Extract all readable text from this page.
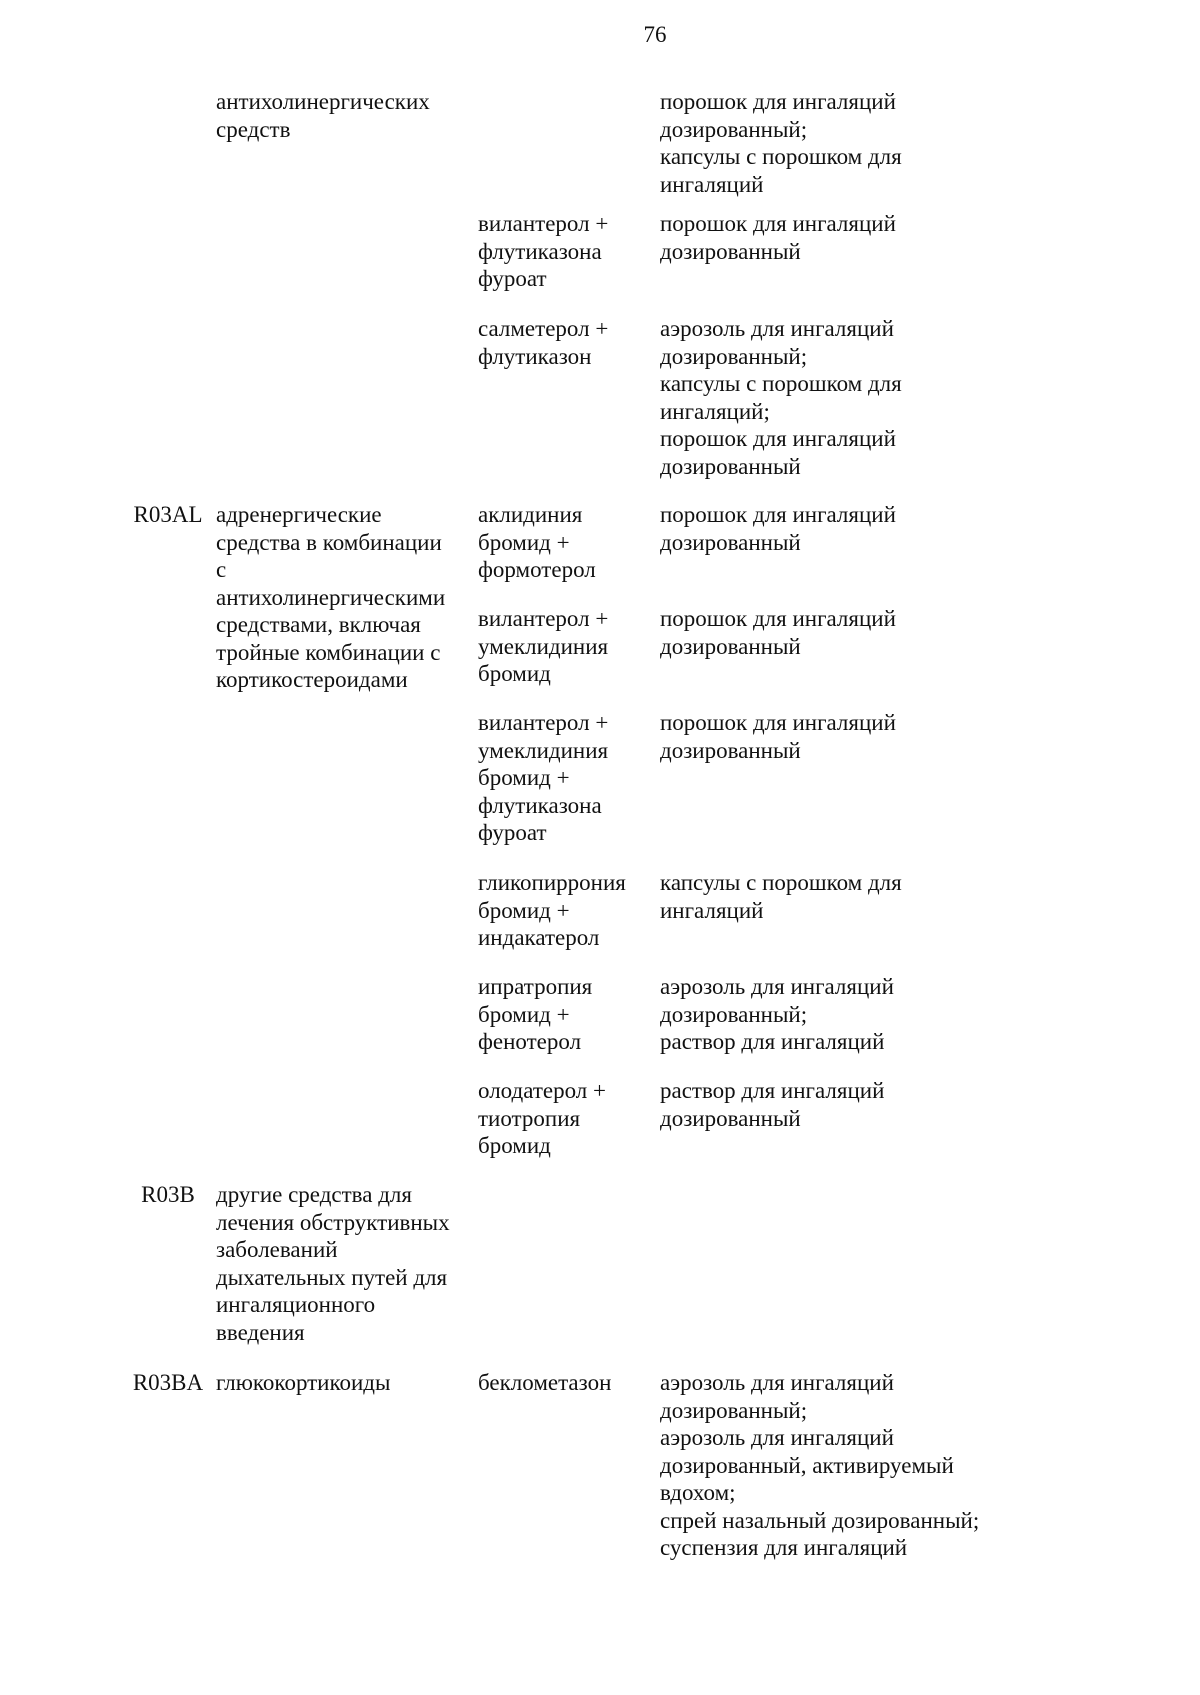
76
антихолинергических
средств
порошок для ингаляций
дозированный;
капсулы с порошком для
ингаляций
вилантерол +
флутиказона
фуроат
порошок для ингаляций
дозированный
салметерол +
флутиказон
аэрозоль для ингаляций
дозированный;
капсулы с порошком для
ингаляций;
порошок для ингаляций
дозированный
R03AL адренергические
средства в комбинации
с
антихолинергическими
средствами, включая
тройные комбинации с
кортикостероидами
аклидиния
бромид +
формотерол
порошок для ингаляций
дозированный
вилантерол +
умеклидиния
бромид
порошок для ингаляций
дозированный
вилантерол +
умеклидиния
бромид +
флутиказона
фуроат
порошок для ингаляций
дозированный
гликопиррония
бромид +
индакатерол
капсулы с порошком для
ингаляций
ипратропия
бромид +
фенотерол
аэрозоль для ингаляций
дозированный;
раствор для ингаляций
олодатерол +
тиотропия
бромид
раствор для ингаляций
дозированный
R03B другие средства для
лечения обструктивных
заболеваний
дыхательных путей для
ингаляционного
введения
R03BA глюкокортикоиды	беклометазон	аэрозоль для ингаляций
дозированный;
аэрозоль для ингаляций
дозированный, активируемый
вдохом;
спрей назальный дозированный;
суспензия для ингаляций
